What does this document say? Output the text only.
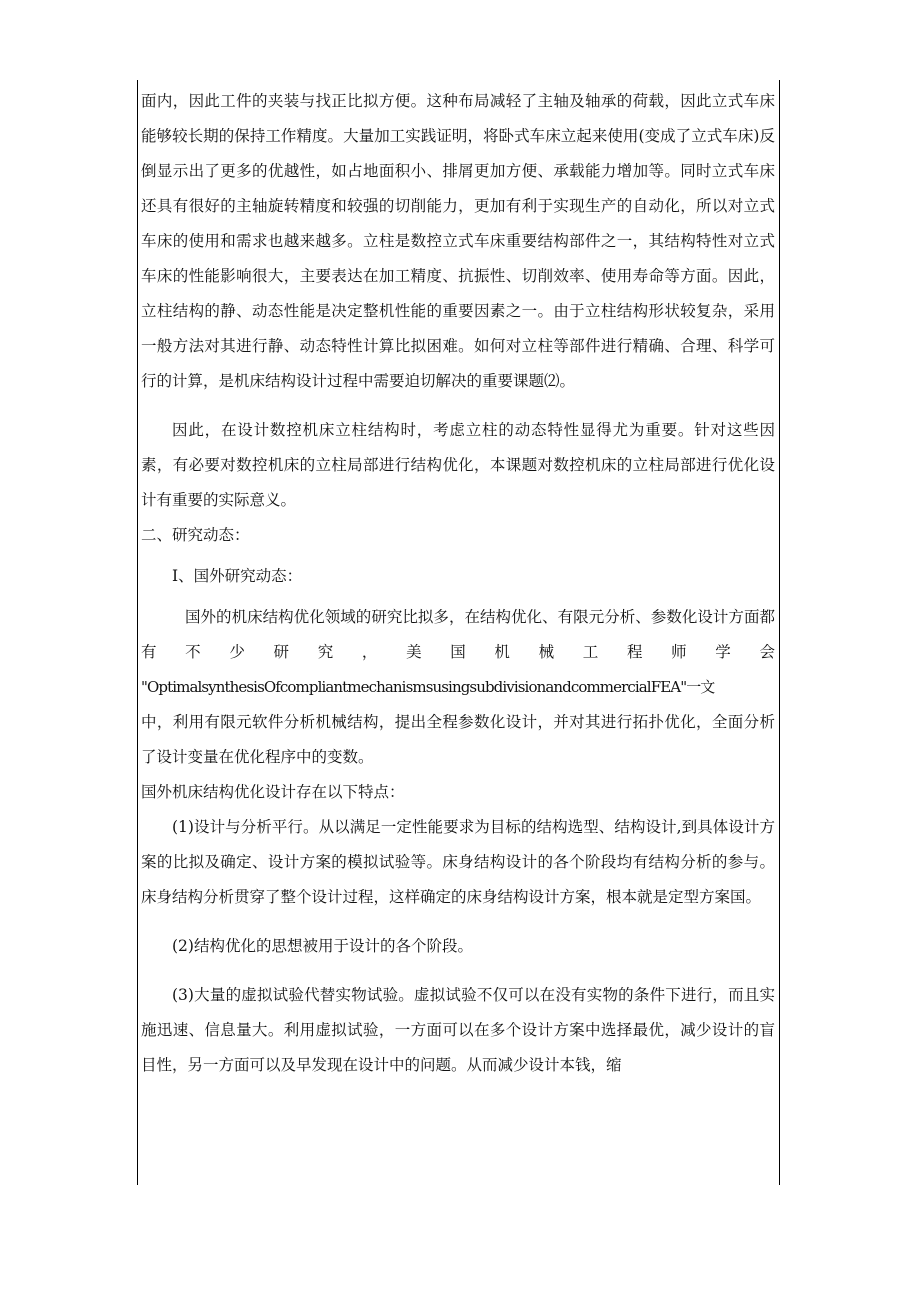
面内，因此工件的夹装与找正比拟方便。这种布局减轻了主轴及轴承的荷载，因此立式车床能够较长期的保持工作精度。大量加工实践证明，将卧式车床立起来使用(变成了立式车床)反倒显示出了更多的优越性，如占地面积小、排屑更加方便、承载能力增加等。同时立式车床还具有很好的主轴旋转精度和较强的切削能力，更加有利于实现生产的自动化，所以对立式车床的使用和需求也越来越多。立柱是数控立式车床重要结构部件之一，其结构特性对立式车床的性能影响很大，主要表达在加工精度、抗振性、切削效率、使用寿命等方面。因此，立柱结构的静、动态性能是决定整机性能的重要因素之一。由于立柱结构形状较复杂，采用一般方法对其进行静、动态特性计算比拟困难。如何对立柱等部件进行精确、合理、科学可行的计算，是机床结构设计过程中需要迫切解决的重要课题⑵。

因此，在设计数控机床立柱结构时，考虑立柱的动态特性显得尤为重要。针对这些因素，有必要对数控机床的立柱局部进行结构优化，本课题对数控机床的立柱局部进行优化设计有重要的实际意义。

二、研究动态：

I、国外研究动态：

国外的机床结构优化领域的研究比拟多，在结构优化、有限元分析、参数化设计方面都有不少研究，美国机械工程师学会

"OptimalsynthesisOfcompliantmechanismsusingsubdivisionandcommercialFEA"一文

中，利用有限元软件分析机械结构，提出全程参数化设计，并对其进行拓扑优化，全面分析了设计变量在优化程序中的变数。

国外机床结构优化设计存在以下特点：

(1)设计与分析平行。从以满足一定性能要求为目标的结构选型、结构设计,到具体设计方案的比拟及确定、设计方案的模拟试验等。床身结构设计的各个阶段均有结构分析的参与。床身结构分析贯穿了整个设计过程，这样确定的床身结构设计方案，根本就是定型方案国。

(2)结构优化的思想被用于设计的各个阶段。

(3)大量的虚拟试验代替实物试验。虚拟试验不仅可以在没有实物的条件下进行，而且实施迅速、信息量大。利用虚拟试验，一方面可以在多个设计方案中选择最优，减少设计的盲目性，另一方面可以及早发现在设计中的问题。从而减少设计本钱，缩
